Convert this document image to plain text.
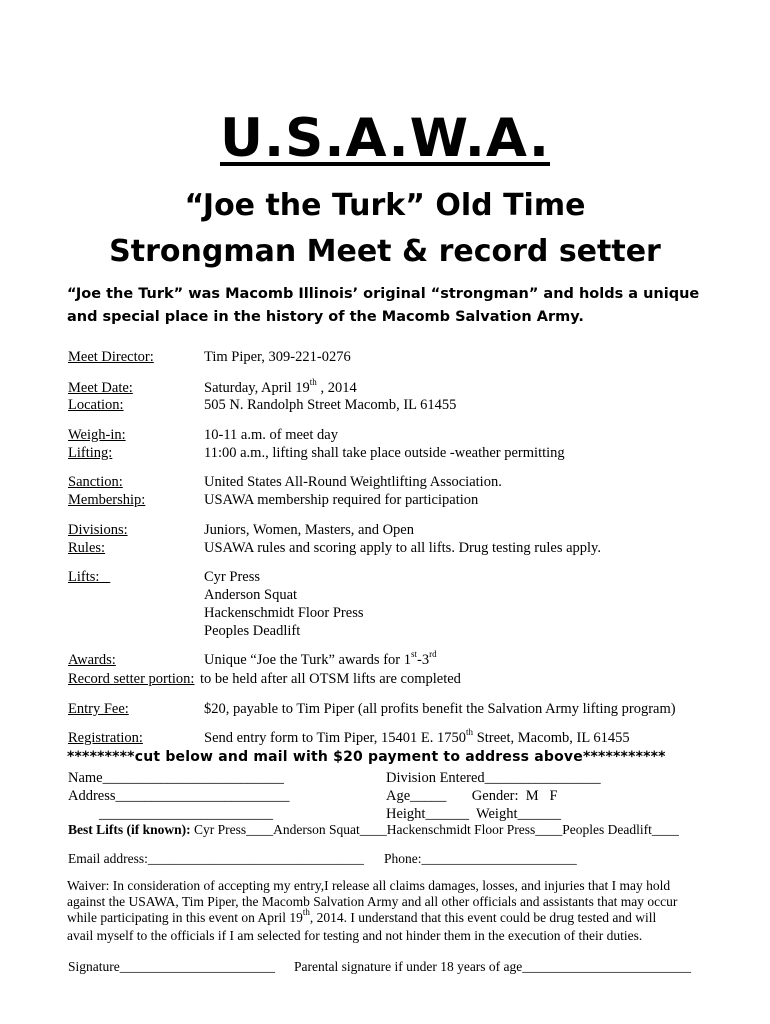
U.S.A.W.A.
“Joe the Turk” Old Time
Strongman Meet & record setter
“Joe the Turk” was Macomb Illinois’ original “strongman” and holds a unique
and special place in the history of the Macomb Salvation Army.
Meet Director:	Tim Piper, 309-221-0276
Meet Date:	Saturday, April 19th , 2014
Location:	505 N. Randolph Street Macomb, IL 61455
Weigh-in:	10-11 a.m. of meet day
Lifting:	11:00 a.m., lifting shall take place outside -weather permitting
Sanction:	United States All-Round Weightlifting Association.
Membership:	USAWA membership required for participation
Divisions:	Juniors, Women, Masters, and Open
Rules:	USAWA rules and scoring apply to all lifts. Drug testing rules apply.
Lifts:	Cyr Press
Anderson Squat
Hackenschmidt Floor Press
Peoples Deadlift
Awards:	Unique “Joe the Turk” awards for 1st-3rd
Record setter portion: to be held after all OTSM lifts are completed
Entry Fee:	$20, payable to Tim Piper (all profits benefit the Salvation Army lifting program)
Registration:	Send entry form to Tim Piper, 15401 E. 1750th Street, Macomb, IL 61455
*********cut below and mail with $20 payment to address above***********
Name_________________________	Division Entered________________
Address________________________	Age_____       Gender:  M   F
________________________	Height______  Weight______
Best Lifts (if known): Cyr Press____Anderson Squat____Hackenschmidt Floor Press____Peoples Deadlift____
Email address:________________________________ Phone:_______________________
Waiver: In consideration of accepting my entry,I release all claims damages, losses, and injuries that I may hold
against the USAWA, Tim Piper, the Macomb Salvation Army and all other officials and assistants that may occur
while participating in this event on April 19th, 2014. I understand that this event could be drug tested and will
avail myself to the officials if I am selected for testing and not hinder them in the execution of their duties.
Signature_______________________ Parental signature if under 18 years of age_________________________
